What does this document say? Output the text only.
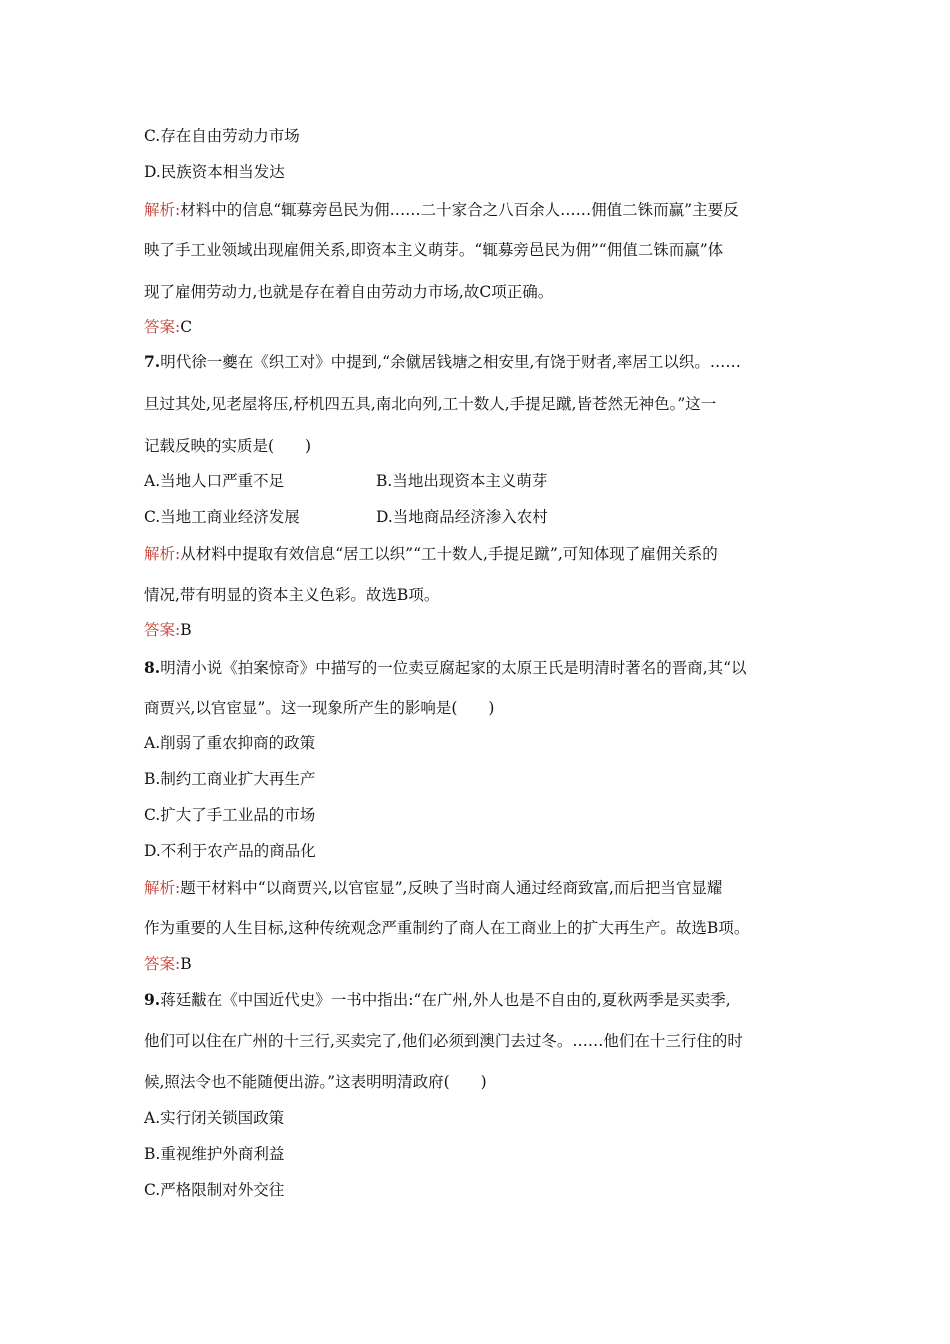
C.存在自由劳动力市场
D.民族资本相当发达
解析:材料中的信息“辄募旁邑民为佣……二十家合之八百余人……佣值二铢而赢”主要反
映了手工业领域出现雇佣关系,即资本主义萌芽。“辄募旁邑民为佣”“佣值二铢而赢”体
现了雇佣劳动力,也就是存在着自由劳动力市场,故C项正确。
答案:C
7.明代徐一夔在《织工对》中提到,“余僦居钱塘之相安里,有饶于财者,率居工以织。……
旦过其处,见老屋将压,杼机四五具,南北向列,工十数人,手提足蹴,皆苍然无神色。”这一
记载反映的实质是(　　)
A.当地人口严重不足	B.当地出现资本主义萌芽
C.当地工商业经济发展	D.当地商品经济渗入农村
解析:从材料中提取有效信息“居工以织”“工十数人,手提足蹴”,可知体现了雇佣关系的
情况,带有明显的资本主义色彩。故选B项。
答案:B
8.明清小说《拍案惊奇》中描写的一位卖豆腐起家的太原王氏是明清时著名的晋商,其“以
商贾兴,以官宦显”。这一现象所产生的影响是(　　)
A.削弱了重农抑商的政策
B.制约工商业扩大再生产
C.扩大了手工业品的市场
D.不利于农产品的商品化
解析:题干材料中“以商贾兴,以官宦显”,反映了当时商人通过经商致富,而后把当官显耀
作为重要的人生目标,这种传统观念严重制约了商人在工商业上的扩大再生产。故选B项。
答案:B
9.蒋廷黻在《中国近代史》一书中指出:“在广州,外人也是不自由的,夏秋两季是买卖季,
他们可以住在广州的十三行,买卖完了,他们必须到澳门去过冬。……他们在十三行住的时
候,照法令也不能随便出游。”这表明明清政府(　　)
A.实行闭关锁国政策
B.重视维护外商利益
C.严格限制对外交往
